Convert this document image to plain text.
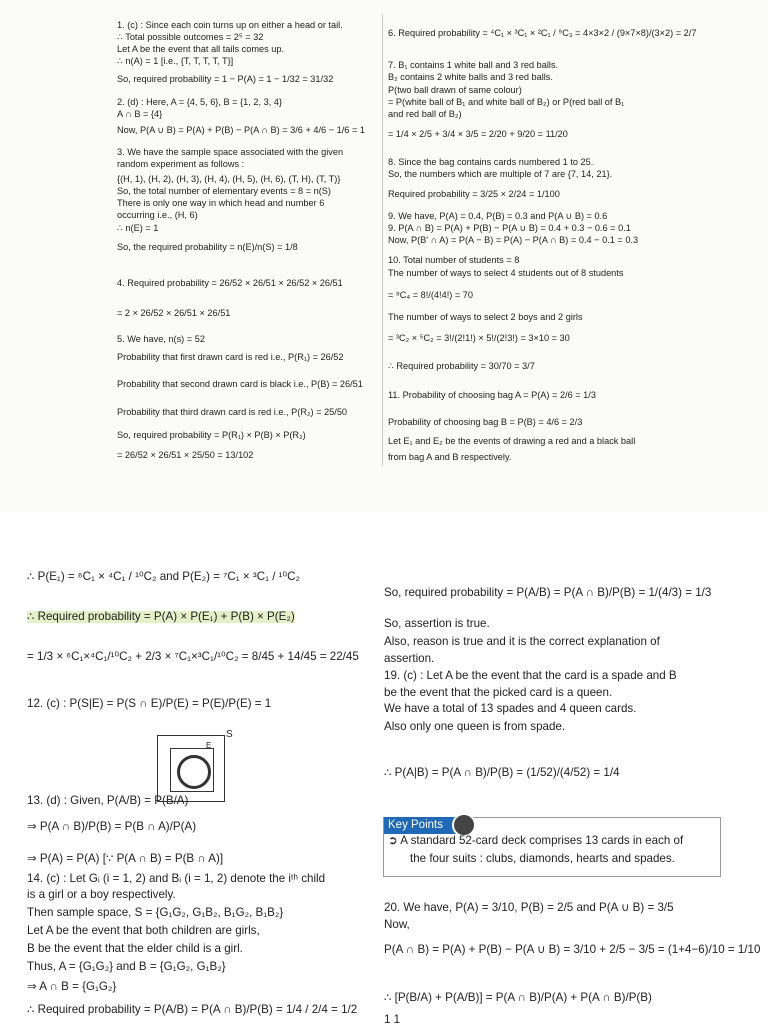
1. (c) : Since each coin turns up on either a head or tail.
∴ Total possible outcomes = 2⁵ = 32
Let A be the event that all tails comes up.
∴ n(A) = 1 [i.e., {T, T, T, T, T}]
So, required probability = 1 − P(A) = 1 − 1/32 = 31/32
2. (d) : Here, A = {4, 5, 6}, B = {1, 2, 3, 4}
A ∩ B = {4}
Now, P(A ∪ B) = P(A) + P(B) − P(A ∩ B) = 3/6 + 4/6 − 1/6 = 1
3. We have the sample space associated with the given
random experiment as follows :
{(H, 1), (H, 2), (H, 3), (H, 4), (H, 5), (H, 6), (T, H), (T, T)}
So, the total number of elementary events = 8 = n(S)
There is only one way in which head and number 6
occurring i.e., (H, 6)
∴ n(E) = 1
So, the required probability = n(E)/n(S) = 1/8
4. Required probability = 26/52 × 26/51 × 26/52 × 26/51
= 2 × 26/52 × 26/51 × 26/51
5. We have, n(s) = 52
Probability that first drawn card is red i.e., P(R₁) = 26/52
Probability that second drawn card is black i.e., P(B) = 26/51
Probability that third drawn card is red i.e., P(R₂) = 25/50
So, required probability = P(R₁) × P(B) × P(R₂)
= 26/52 × 26/51 × 25/50 = 13/102
6. Required probability = ⁴C₁ × ³C₁ × ²C₁ / ⁹C₃ = 4×3×2 / (9×7×8)/(3×2) = 2/7
7. B₁ contains 1 white ball and 3 red balls.
B₂ contains 2 white balls and 3 red balls.
P(two ball drawn of same colour)
= P(white ball of B₁ and white ball of B₂) or P(red ball of B₁
and red ball of B₂)
= 1/4 × 2/5 + 3/4 × 3/5 = 2/20 + 9/20 = 11/20
8. Since the bag contains cards numbered 1 to 25.
So, the numbers which are multiple of 7 are {7, 14, 21}.
Required probability = 3/25 × 2/24 = 1/100
9. We have, P(A) = 0.4, P(B) = 0.3 and P(A ∪ B) = 0.6
9. P(A ∩ B) = P(A) + P(B) − P(A ∪ B) = 0.4 + 0.3 − 0.6 = 0.1
Now, P(B′ ∩ A) = P(A − B) = P(A) − P(A ∩ B) = 0.4 − 0.1 = 0.3
10. Total number of students = 8
The number of ways to select 4 students out of 8 students
= ⁸C₄ = 8!/(4!4!) = 70
The number of ways to select 2 boys and 2 girls
= ³C₂ × ⁵C₂ = 3!/(2!1!) × 5!/(2!3!) = 3×10 = 30
∴ Required probability = 30/70 = 3/7
11. Probability of choosing bag A = P(A) = 2/6 = 1/3
Probability of choosing bag B = P(B) = 4/6 = 2/3
Let E₁ and E₂ be the events of drawing a red and a black ball
from bag A and B respectively.
∴ P(E₁) = ⁶C₁ × ⁴C₁ / ¹⁰C₂ and P(E₂) = ⁷C₁ × ³C₁ / ¹⁰C₂
∴ Required probability = P(A) × P(E₁) + P(B) × P(E₂)
= 1/3 × ⁶C₁×⁴C₁/¹⁰C₂ + 2/3 × ⁷C₁×³C₁/¹⁰C₂ = 8/45 + 14/45 = 22/45
12. (c) : P(S|E) = P(S ∩ E)/P(E) = P(E)/P(E) = 1
13. (d) : Given, P(A/B) = P(B/A)
⇒ P(A ∩ B)/P(B) = P(B ∩ A)/P(A)
⇒ P(A) = P(A) [∵ P(A ∩ B) = P(B ∩ A)]
14. (c) : Let Gᵢ (i = 1, 2) and Bᵢ (i = 1, 2) denote the iᵗʰ child
is a girl or a boy respectively.
Then sample space, S = {G₁G₂, G₁B₂, B₁G₂, B₁B₂}
Let A be the event that both children are girls,
B be the event that the elder child is a girl.
Thus, A = {G₁G₂} and B = {G₁G₂, G₁B₂}
⇒ A ∩ B = {G₁G₂}
∴ Required probability = P(A/B) = P(A ∩ B)/P(B) = 1/4 / 2/4 = 1/2
So, required probability = P(A/B) = P(A ∩ B)/P(B) = 1/(4/3) = 1/3
So, assertion is true.
Also, reason is true and it is the correct explanation of
assertion.
19. (c) : Let A be the event that the card is a spade and B
be the event that the picked card is a queen.
We have a total of 13 spades and 4 queen cards.
Also only one queen is from spade.
∴ P(A|B) = P(A ∩ B)/P(B) = (1/52)/(4/52) = 1/4
20. We have, P(A) = 3/10, P(B) = 2/5 and P(A ∪ B) = 3/5
Now,
P(A ∩ B) = P(A) + P(B) − P(A ∪ B) = 3/10 + 2/5 − 3/5 = (1+4−6)/10 = 1/10
∴ [P(B/A) + P(A/B)] = P(A ∩ B)/P(A) + P(A ∩ B)/P(B)
1 1
S
E
Key Points
➲ A standard 52-card deck comprises 13 cards in each of
the four suits : clubs, diamonds, hearts and spades.
